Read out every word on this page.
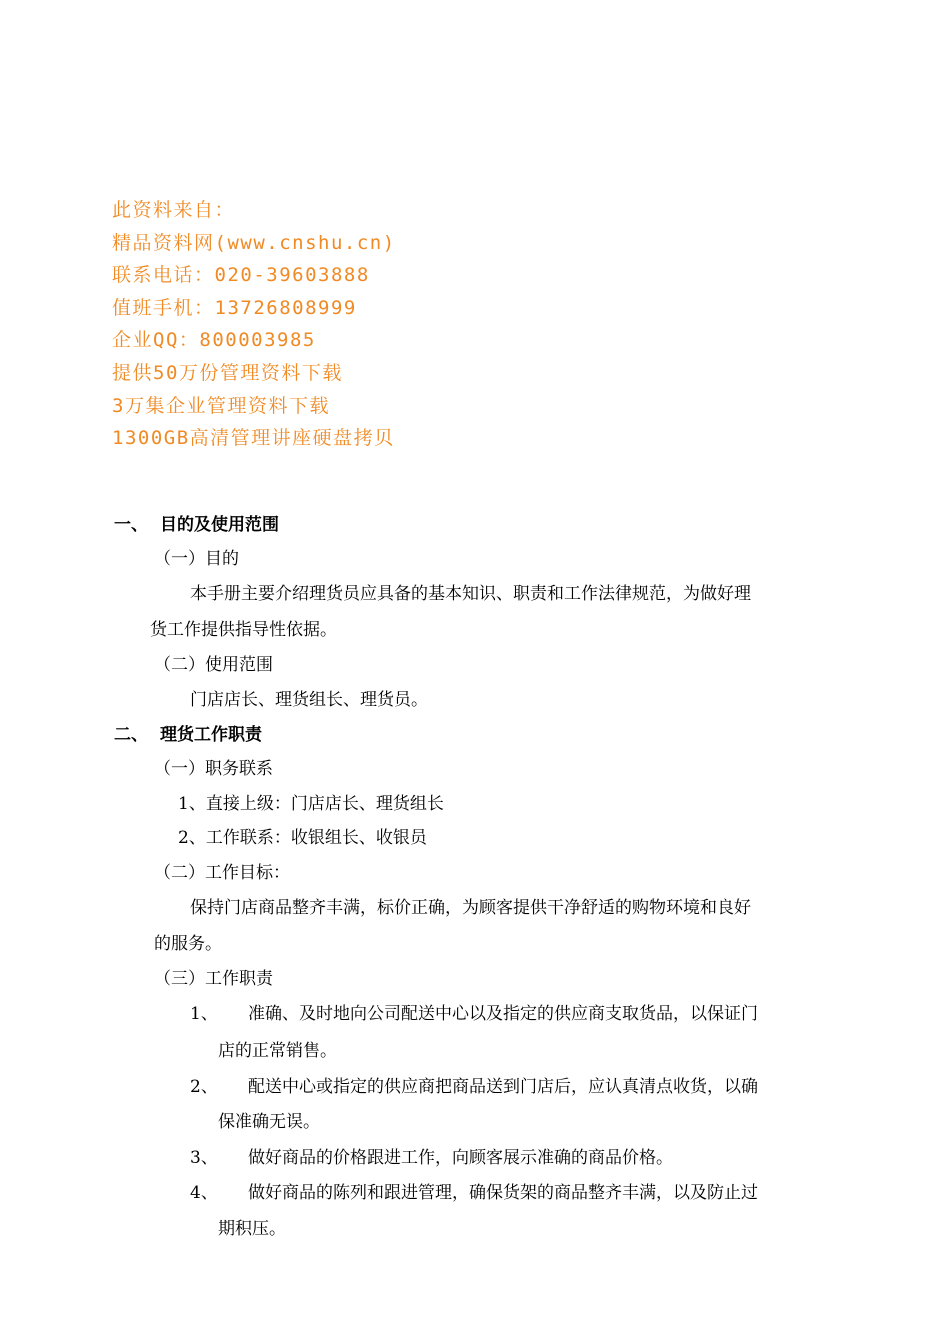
此资料来自：
精品资料网(www.cnshu.cn)
联系电话：020-39603888
值班手机：13726808999
企业QQ：800003985
提供50万份管理资料下载
3万集企业管理资料下载
1300GB高清管理讲座硬盘拷贝
一、 目的及使用范围
（一）目的
本手册主要介绍理货员应具备的基本知识、职责和工作法律规范，为做好理
货工作提供指导性依据。
（二）使用范围
门店店长、理货组长、理货员。
二、 理货工作职责
（一）职务联系
1、直接上级：门店店长、理货组长
2、工作联系：收银组长、收银员
（二）工作目标：
保持门店商品整齐丰满，标价正确，为顾客提供干净舒适的购物环境和良好
的服务。
（三）工作职责
1、 准确、及时地向公司配送中心以及指定的供应商支取货品，以保证门
店的正常销售。
2、 配送中心或指定的供应商把商品送到门店后，应认真清点收货，以确
保准确无误。
3、 做好商品的价格跟进工作，向顾客展示准确的商品价格。
4、 做好商品的陈列和跟进管理，确保货架的商品整齐丰满，以及防止过
期积压。
